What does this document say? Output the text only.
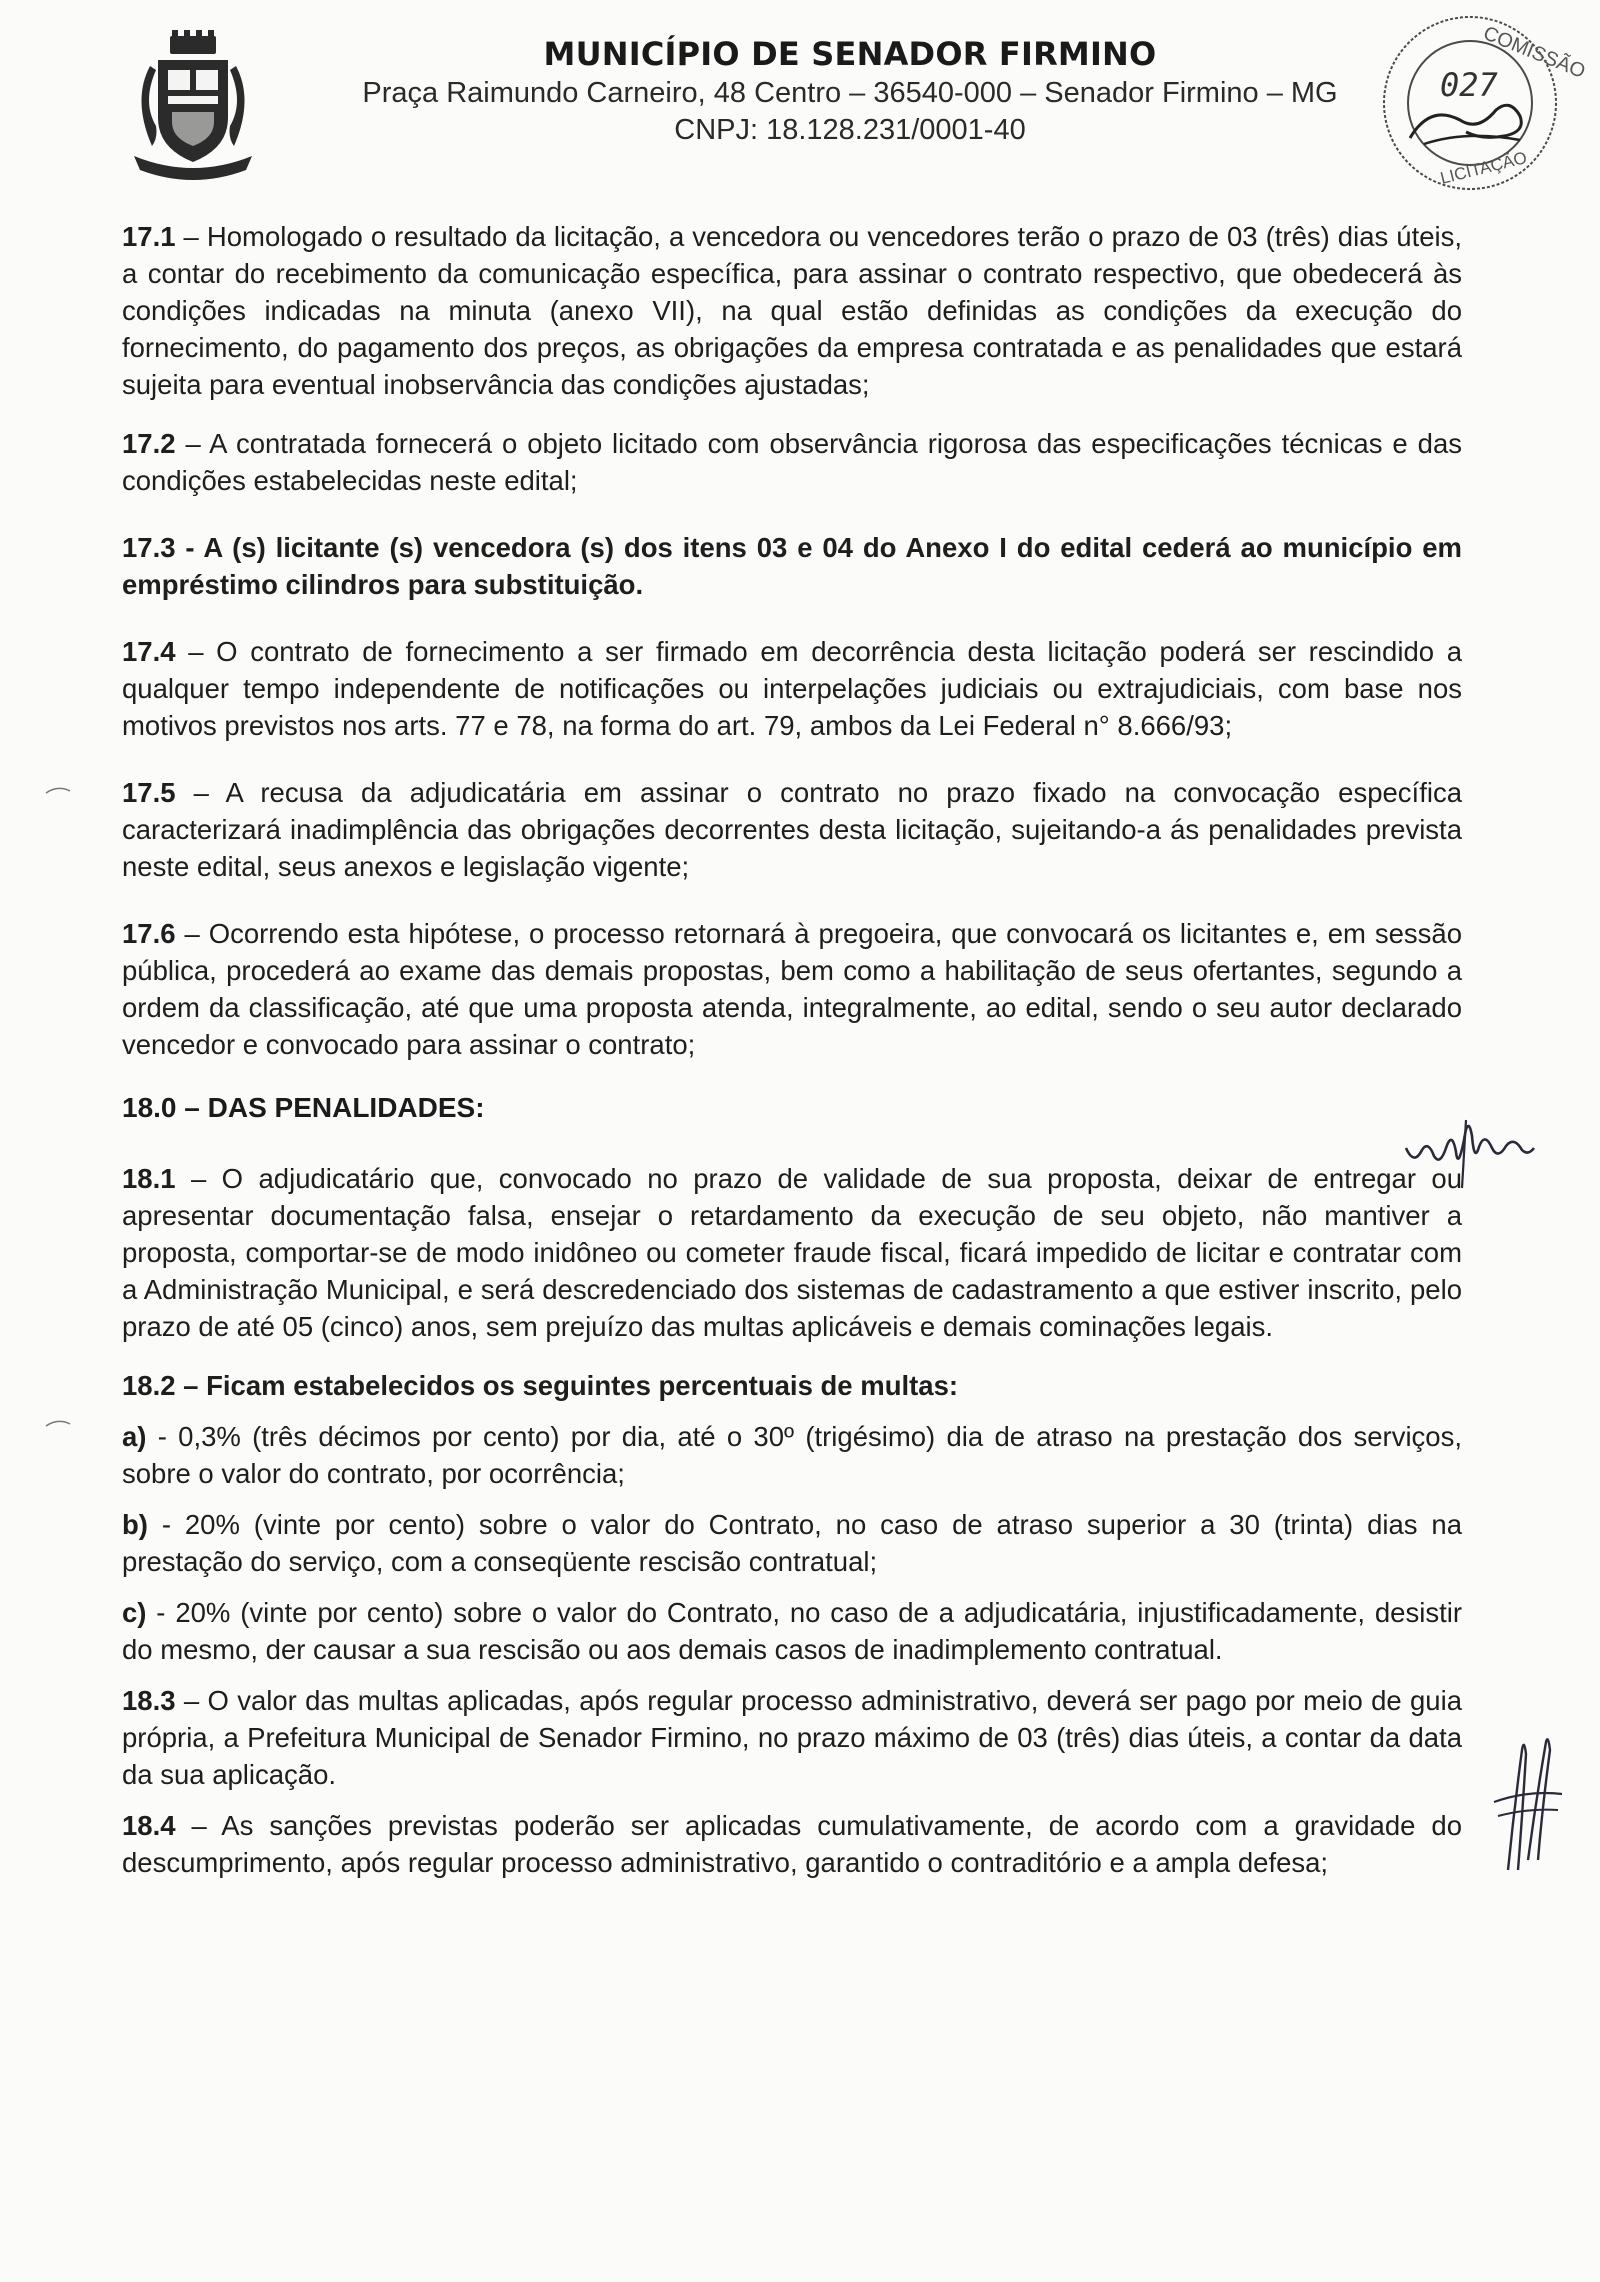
MUNICÍPIO DE SENADOR FIRMINO
Praça Raimundo Carneiro, 48 Centro – 36540-000 – Senador Firmino – MG
CNPJ: 18.128.231/0001-40
COMISSÃO
LICITAÇÃO
027

17.1 – Homologado o resultado da licitação, a vencedora ou vencedores terão o prazo de 03 (três) dias úteis, a contar do recebimento da comunicação específica, para assinar o contrato respectivo, que obedecerá às condições indicadas na minuta (anexo VII), na qual estão definidas as condições da execução do fornecimento, do pagamento dos preços, as obrigações da empresa contratada e as penalidades que estará sujeita para eventual inobservância das condições ajustadas;

17.2 – A contratada fornecerá o objeto licitado com observância rigorosa das especificações técnicas e das condições estabelecidas neste edital;

17.3 - A (s) licitante (s) vencedora (s) dos itens 03 e 04 do Anexo I do edital cederá ao município em empréstimo cilindros para substituição.

17.4 – O contrato de fornecimento a ser firmado em decorrência desta licitação poderá ser rescindido a qualquer tempo independente de notificações ou interpelações judiciais ou extrajudiciais, com base nos motivos previstos nos arts. 77 e 78, na forma do art. 79, ambos da Lei Federal n° 8.666/93;

17.5 – A recusa da adjudicatária em assinar o contrato no prazo fixado na convocação específica caracterizará inadimplência das obrigações decorrentes desta licitação, sujeitando-a ás penalidades prevista neste edital, seus anexos e legislação vigente;

17.6 – Ocorrendo esta hipótese, o processo retornará à pregoeira, que convocará os licitantes e, em sessão pública, procederá ao exame das demais propostas, bem como a habilitação de seus ofertantes, segundo a ordem da classificação, até que uma proposta atenda, integralmente, ao edital, sendo o seu autor declarado vencedor e convocado para assinar o contrato;

18.0 – DAS PENALIDADES:

18.1 – O adjudicatário que, convocado no prazo de validade de sua proposta, deixar de entregar ou apresentar documentação falsa, ensejar o retardamento da execução de seu objeto, não mantiver a proposta, comportar-se de modo inidôneo ou cometer fraude fiscal, ficará impedido de licitar e contratar com a Administração Municipal, e será descredenciado dos sistemas de cadastramento a que estiver inscrito, pelo prazo de até 05 (cinco) anos, sem prejuízo das multas aplicáveis e demais cominações legais.

18.2 – Ficam estabelecidos os seguintes percentuais de multas:

a) - 0,3% (três décimos por cento) por dia, até o 30º (trigésimo) dia de atraso na prestação dos serviços, sobre o valor do contrato, por ocorrência;

b) - 20% (vinte por cento) sobre o valor do Contrato, no caso de atraso superior a 30 (trinta) dias na prestação do serviço, com a conseqüente rescisão contratual;

c) - 20% (vinte por cento) sobre o valor do Contrato, no caso de a adjudicatária, injustificadamente, desistir do mesmo, der causar a sua rescisão ou aos demais casos de inadimplemento contratual.

18.3 – O valor das multas aplicadas, após regular processo administrativo, deverá ser pago por meio de guia própria, a Prefeitura Municipal de Senador Firmino, no prazo máximo de 03 (três) dias úteis, a contar da data da sua aplicação.

18.4 – As sanções previstas poderão ser aplicadas cumulativamente, de acordo com a gravidade do descumprimento, após regular processo administrativo, garantido o contraditório e a ampla defesa;
